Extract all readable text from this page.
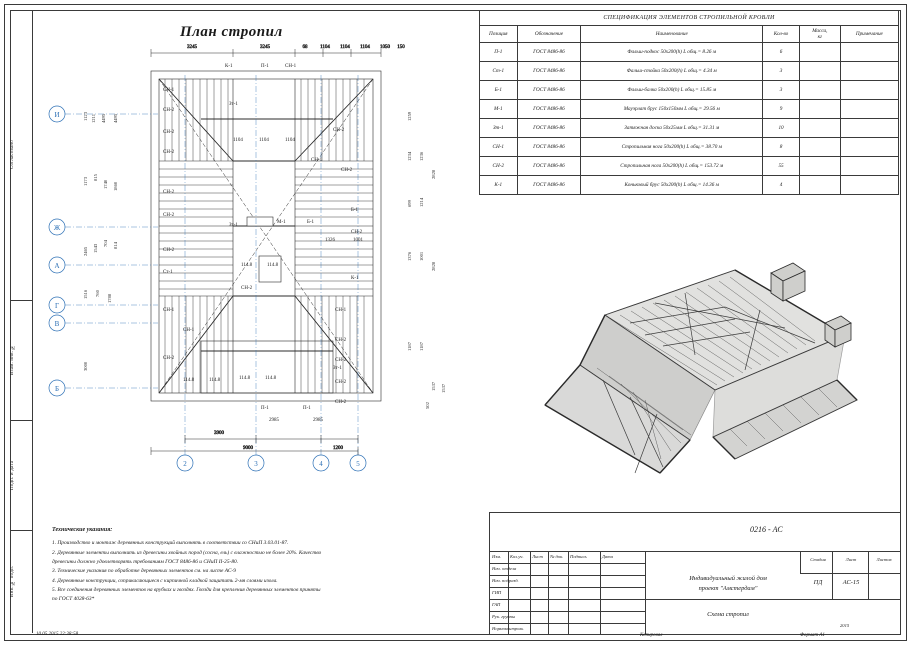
Согласовано
Взам. инв. №
Подп. и дата
Инв. № подп.
И
Ж
А
Г
В
Б
2	3	4	5
3900
9000	1200
3245	3245	68	1104 1104 1104 1050 150
1123 1211 4495 4495
1173 815
1740 1860
2465 1543
704 814
1516 760
1788
3000
1259
1234 1236
2828
699 1214
2828
1376 1001
1187 1187
1537 1537
502
СН-1
СН-2
СН-2
СН-2
СН-2
СН-2
СН-2
Ст-1
СН-1
СН-2
114.8	114.8	114.8	114.8
114.8	114.8
СН-2
СН-2
СН-2
Б-1
СН-2
К-1
СН-1
СН-2
СН-2
СН-2
СН-2
К-1	П-1	СН-1
Зт-1
1104	1104	1104
Зт-1
М-1	Б-1
1326	1001
СН-1
П-1	П-1
2985	2985
Зт-1
СН-1
Технические указания:
1. Производство и монтаж деревянных конструкций выполнять в соответствии со СНиП 3.03.01-87.
2. Деревянные элементы выполнить из древесины хвойных пород (сосна, ель) с влажностью не более 20%. Качество
древесины должно удовлетворять требованиям ГОСТ 8486-86 и СНиП II-25-80.
3. Технические указания по обработке деревянных элементов см. на листе АС-9
4. Деревянные конструкции, соприкасающиеся с кирпичной кладкой защитить 2-мя слоями изола.
5. Все соединения деревянных элементов на врубках и гвоздях. Гвозди для крепления деревянных элементов приняты
по ГОСТ 4028-63*
План стропил
СПЕЦИФИКАЦИЯ ЭЛЕМЕНТОВ СТРОПИЛЬНОЙ КРОВЛИ					
Позиция	Обозначение	Наименование	Кол-во	Масса,
кг	Примечание
П-1	ГОСТ 8486-86	Фальш-подкос 50х200(h) L общ.= 8.26 м	6		
Ст-1	ГОСТ 8486-86	Фальш-стойка 50х200(h) L общ.= 4.34 м	3		
Б-1	ГОСТ 8486-86	Фальш-балка 50х200(h) L общ.= 15.85 м	3		
М-1	ГОСТ 8486-86	Мауэрлат брус 150х150мм L общ.= 29.56 м	9		
Зт-1	ГОСТ 8486-86	Затяжная доска 50х25мм L общ.= 31.31 м	10		
СН-1	ГОСТ 8486-86	Стропильная нога 50х200(h) L общ.= 38.70 м	8		
СН-2	ГОСТ 8486-86	Стропильная нога 50х200(h) L общ.= 153.72 м	55		
К-1	ГОСТ 8486-86	Коньковый брус 50х200(h) L общ.= 14.36 м	4		
0216 - АС
Изм. Кол.уч. Лист № док. Подпись	Дата
Нач. отдела
Нач. подразд.
ГИП
ГАП
Рук. группы
Нормоконтроль
Индивидуальный жилой дом
проект "Амстердам"
Схема стропил
Стадия	Лист	Листов
ПД	АС-15
2015
10.05.2015 22:38:58	Копировал	Формат А1
